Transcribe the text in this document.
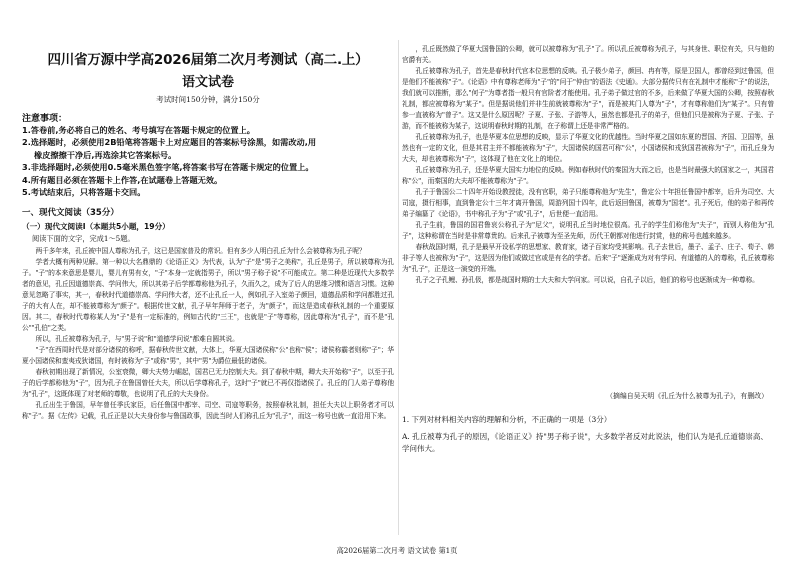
四川省万源中学高2026届第二次月考测试（高二.上）
语文试卷
考试时间150分钟，满分150分
注意事项：
1.答卷前,务必将自己的姓名、考号填写在答题卡规定的位置上。
2.选择题时，必须使用2B铅笔将答题卡上对应题目的答案标号涂黑，如需改动,用
橡皮擦擦干净后,再选涂其它答案标号。
3.非选择题时,必须使用0.5毫米黑色签字笔,将答案书写在答题卡规定的位置上。
4.所有题目必须在答题卡上作答,在试题卷上答题无效。
5.考试结束后，只将答题卡交回。
一、现代文阅读（35分）
（一）现代文阅读I（本题共5小题，19分）
阅读下面的文字，完成1～5题。

两千多年来，孔丘被中国人尊称为孔子，这已是国家普及的常识。但有多少人明白孔丘为什么会被尊称为孔子呢？

学者大概有两种见解。第一种以大名鼎鼎的《论语正义》为代表，认为"子"是"男子之美称"，孔丘是男子，所以被尊称为孔子。"子"的本来意思是婴儿，婴儿有男有女，"子"本身一定就指男子，所以"男子称子说"不可能成立。第二种是近现代大多数学者的意见，孔丘因道德崇高、学问伟大，所以其弟子后学都尊称他为孔子，久而久之，成为了后人的思维习惯和语言习惯。这种意见忽略了事实，其一，春秋时代道德崇高、学问伟大者，还不止孔丘一人，例如孔子入室弟子颜回，道德品质和学问都胜过孔子的大有人在，却不能被尊称为"颜子"。根据传世文献，孔子早年拜师于老子，为"颜子"，而这是造成春秋礼制的一个重要原因。其二，春秋时代尊称某人为"子"是有一定标准的，例如古代的"三王"，也就是"子"等尊称，因此尊称为"孔子"，而不是"孔公""孔伯"之类。

所以，孔丘被尊称为孔子，与"男子说"和"道德学问说"都难自圆其说。

"子"在西周时代是对部分诸侯的称呼，据春秋传世文献，大体上，华夏大国诸侯称"公"也称"侯"；诸侯称霸者则称"子"；华夏小国诸侯和蛮夷戎狄诸国，有时被称为"子"或称"男"，其中"男"为爵位最低的诸侯。

春秋初期出现了新情况，公室衰微，卿大夫势力崛起，国君已无力控制大夫。到了春秋中期，卿大夫开始称"子"，以至于孔子的后学都称他为"子"，因为孔子在鲁国曾任大夫，所以后学尊称孔子，这时"子"就已不再仅指诸侯了。孔丘的门人弟子尊称他为"孔子"，这既体现了对老师的尊敬，也说明了孔丘的大夫身份。

孔丘出生于鲁国，早年曾任季氏家臣，后任鲁国中都宰、司空、司寇等职务，按照春秋礼制，担任大夫以上职务者才可以称"子"。据《左传》记载，孔丘正是以大夫身份参与鲁国政事，因此当时人们称孔丘为"孔子"，而这一称号也就一直沿用下来。

，孔丘既然做了华夏大国鲁国的公卿，就可以被尊称为"孔子"了。所以孔丘被尊称为孔子，与其身世、职位有关，只与他的官爵有关。

孔丘被尊称为孔子，首先是春秋时代官本位思想的反映。孔子极少弟子，颜回、冉有等，原是卫国人，都曾经到过鲁国，但是他们不能被称"子"。《论语》中有尊称老师为"子"的"问于"仲由"的语法《史通》。大部分据传只有在礼制中才能称"子"的说法，我们就可以推断，那么"何子"为尊者指一般只有官阶者才能使用。孔子弟子做过官的不多，后来做了华夏大国的公卿，按照春秋礼制，都应被尊称为"某子"。但是据说他们并非生前就被尊称为"子"，而是被其门人尊为"子"，才有尊称他们为"某子"。只有曾参一直被称为"曾子"。这又是什么原因呢？子夏、子张、子游等人，虽然也都是孔子的弟子，但他们只是被称为子夏、子张、子游，而不能被称为某子，这说明春秋时期的礼制，在子称谓上还是非常严格的。

孔丘被尊称为孔子，也是华夏本位思想的反映，显示了华夏文化的优越性。当时华夏之国如东夏的晋国、齐国、卫国等，虽然也有一定的文化，但是其君主并不都能被称为"子"，大国诸侯的国君可称"公"，小国诸侯和戎狄国君被称为"子"，而孔丘身为大夫，却也被尊称为"子"，这体现了他在文化上的地位。

孔丘被尊称为孔子，还是华夏大国实力地位的反映。例如春秋时代的秦国为大而之后，也是当时最强大的国家之一，其国君称"公"，而秦国的大夫却不能被尊称为"子"。

孔子于鲁国公二十四年开始设教授徒，没有官职，弟子只能尊称他为"先生"，鲁定公十年担任鲁国中都宰，后升为司空、大司寇，摄行相事，直到鲁定公十三年才离开鲁国，周游列国十四年，此后返回鲁国，被尊为"国老"。孔子死后，他的弟子和再传弟子编纂了《论语》，书中称孔子为"子"或"孔子"，后世便一直沿用。

孔子生前，鲁国的国君鲁哀公称孔子为"尼父"，说明孔丘当时地位很高。孔子的学生们称他为"夫子"，而别人称他为"孔子"，这种称谓在当时是非常尊贵的。后来孔子被尊为至圣先师，历代王朝都对他进行封赏，他的称号也越来越多。

春秋战国时期，孔子是最早开设私学的思想家、教育家，诸子百家均受其影响。孔子去世后，墨子、孟子、庄子、荀子、韩非子等人也被称为"子"，这是因为他们或做过官或是有名的学者。后来"子"逐渐成为对有学问、有道德的人的尊称，孔丘被尊称为"孔子"，正是这一演变的开端。

孔子之子孔鲤、孙孔伋，都是战国时期的士大夫和大学问家。可以说，自孔子以后，他们的称号也逐渐成为一种尊称。

（摘编自吴天明《孔丘为什么被尊为孔子》，有删改）
1. 下列对材料相关内容的理解和分析，不正确的一项是（3分）
A. 孔丘被尊为孔子的原因，《论语正义》持"男子称子说"，大多数学者反对此说法，他们认为是孔丘道德崇高、学问伟大。
高2026届第二次月考 语文试卷 第1页
